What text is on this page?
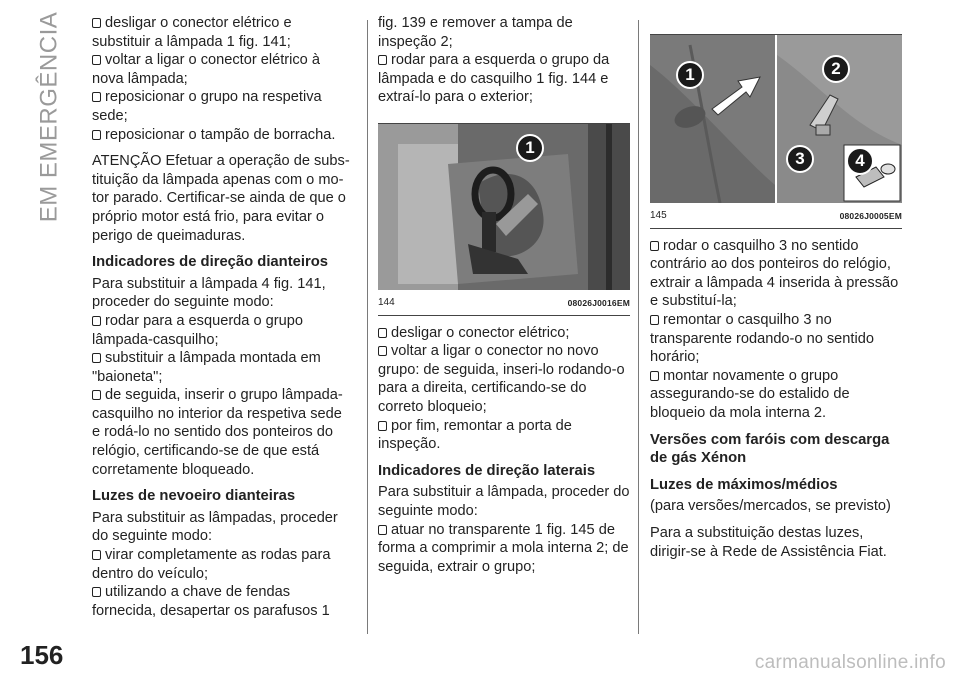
EM EMERGÊNCIA	desligar o conector elétrico e substituir a lâmpada 1 fig. 141;

voltar a ligar o conector elétrico à nova lâmpada;

reposicionar o grupo na respetiva sede;

reposicionar o tampão de borracha.

ATENÇÃO Efetuar a operação de subs-tituição da lâmpada apenas com o mo-tor parado. Certificar-se ainda de que o próprio motor está frio, para evitar o perigo de queimaduras.

Indicadores de direção dianteiros

Para substituir a lâmpada 4 fig. 141, proceder do seguinte modo:

rodar para a esquerda o grupo lâmpada-casquilho;

substituir a lâmpada montada em "baioneta";

de seguida, inserir o grupo lâmpada-casquilho no interior da respetiva sede e rodá-lo no sentido dos ponteiros do relógio, certificando-se de que está corretamente bloqueado.

Luzes de nevoeiro dianteiras

Para substituir as lâmpadas, proceder do seguinte modo:

virar completamente as rodas para dentro do veículo;

utilizando a chave de fendas fornecida, desapertar os parafusos 1

fig. 139 e remover a tampa de inspeção 2;

rodar para a esquerda o grupo da lâmpada e do casquilho 1 fig. 144 e extraí-lo para o exterior;

1
144	08026J0016EM

desligar o conector elétrico;

voltar a ligar o conector no novo grupo: de seguida, inseri-lo rodando-o para a direita, certificando-se do correto bloqueio;

por fim, remontar a porta de inspeção.

Indicadores de direção laterais

Para substituir a lâmpada, proceder do seguinte modo:

atuar no transparente 1 fig. 145 de forma a comprimir a mola interna 2; de seguida, extrair o grupo;

1	2
3	4
145	08026J0005EM

rodar o casquilho 3 no sentido contrário ao dos ponteiros do relógio, extrair a lâmpada 4 inserida à pressão e substituí-la;

remontar o casquilho 3 no transparente rodando-o no sentido horário;

montar novamente o grupo assegurando-se do estalido de bloqueio da mola interna 2.

Versões com faróis com descarga de gás Xénon
Luzes de máximos/médios

(para versões/mercados, se previsto)

Para a substituição destas luzes, dirigir-se à Rede de Assistência Fiat.

156	carmanualsonline.info
